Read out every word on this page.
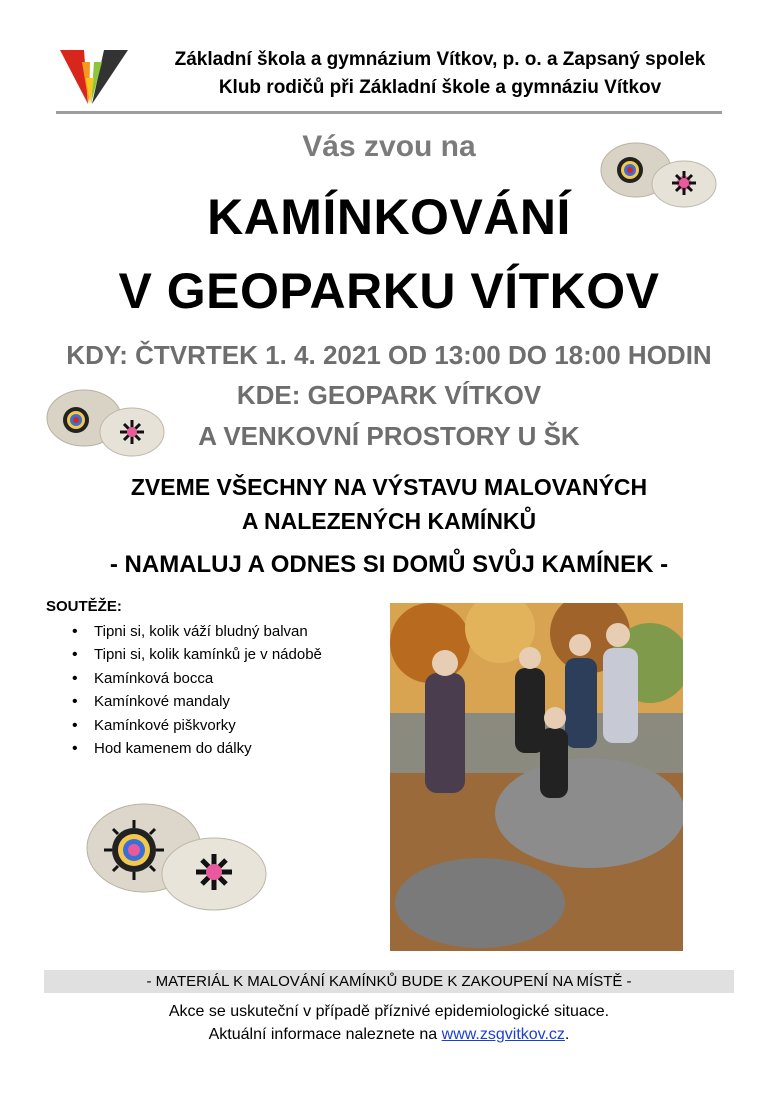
Základní škola a gymnázium Vítkov, p. o. a Zapsaný spolek
Klub rodičů při Základní škole a gymnáziu Vítkov
Vás zvou na
KAMÍNKOVÁNÍ
V GEOPARKU VÍTKOV
KDY: ČTVRTEK 1. 4. 2021 OD 13:00 DO 18:00 HODIN
KDE: GEOPARK VÍTKOV
A VENKOVNÍ PROSTORY U ŠK
ZVEME VŠECHNY NA VÝSTAVU MALOVANÝCH
A NALEZENÝCH KAMÍNKŮ
- NAMALUJ A ODNES SI DOMŮ SVŮJ KAMÍNEK -
SOUTĚŽE:
• Tipni si, kolik váží bludný balvan
• Tipni si, kolik kamínků je v nádobě
• Kamínková bocca
• Kamínkové mandaly
• Kamínkové piškvorky
• Hod kamenem do dálky
- MATERIÁL K MALOVÁNÍ KAMÍNKŮ BUDE K ZAKOUPENÍ NA MÍSTĚ -
Akce se uskuteční v případě příznivé epidemiologické situace.
Aktuální informace naleznete na www.zsgvitkov.cz.
